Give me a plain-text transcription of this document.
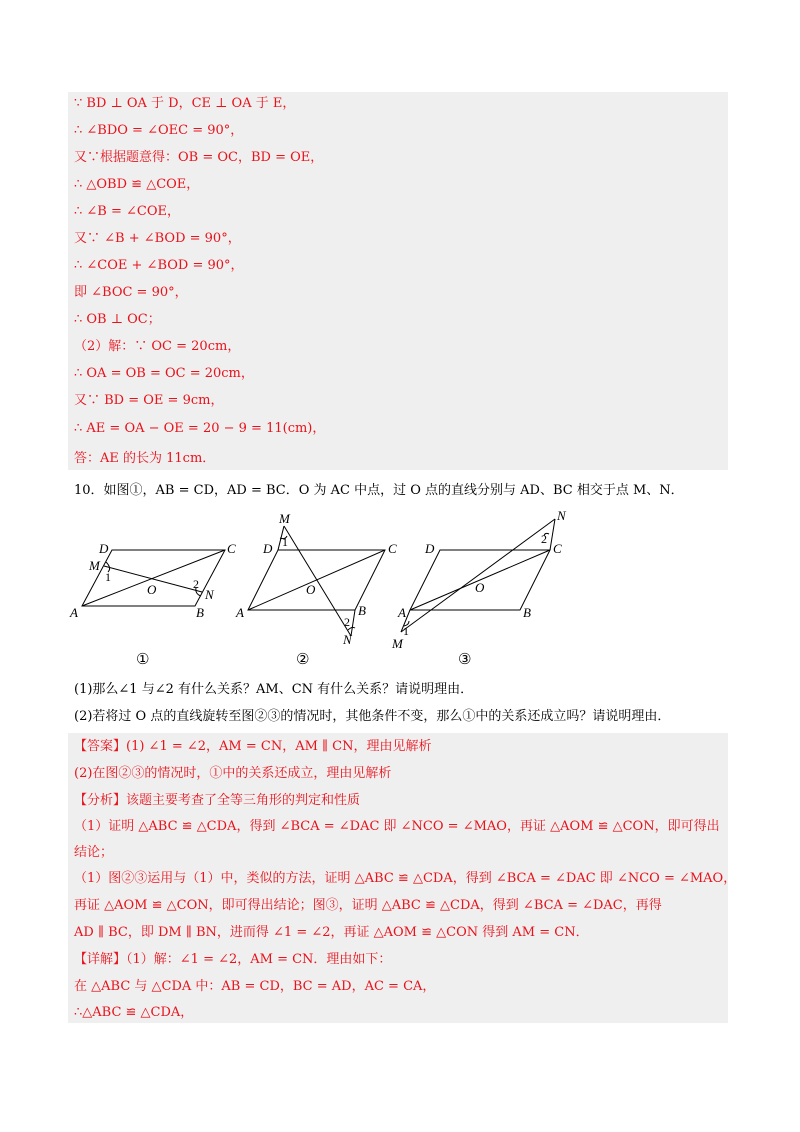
∵ BD ⊥ OA 于 D，CE ⊥ OA 于 E，
∴ ∠BDO = ∠OEC = 90°，
又∵根据题意得：OB = OC，BD = OE，
∴ △OBD ≌ △COE，
∴ ∠B = ∠COE，
又∵ ∠B + ∠BOD = 90°，
∴ ∠COE + ∠BOD = 90°，
即 ∠BOC = 90°，
∴ OB ⊥ OC；
（2）解：∵ OC = 20cm，
∴ OA = OB = OC = 20cm，
又∵ BD = OE = 9cm，
∴ AE = OA − OE = 20 − 9 = 11(cm)，
答：AE 的长为 11cm．
10．如图①，AB = CD，AD = BC．O 为 AC 中点，过 O 点的直线分别与 AD、BC 相交于点 M、N．
A	B
C
D
M
N
O
1	2
A	B
C
D
M
N
O
1
2
A	B
C
D
M
N
O
1
2
①	②	③
(1)那么∠1 与∠2 有什么关系？AM、CN 有什么关系？请说明理由．
(2)若将过 O 点的直线旋转至图②③的情况时，其他条件不变，那么①中的关系还成立吗？请说明理由．
【答案】(1) ∠1 = ∠2，AM = CN，AM ∥ CN，理由见解析
(2)在图②③的情况时，①中的关系还成立，理由见解析
【分析】该题主要考查了全等三角形的判定和性质
（1）证明 △ABC ≌ △CDA，得到 ∠BCA = ∠DAC 即 ∠NCO = ∠MAO，再证 △AOM ≌ △CON，即可得出
结论；
（1）图②③运用与（1）中，类似的方法，证明 △ABC ≌ △CDA，得到 ∠BCA = ∠DAC 即 ∠NCO = ∠MAO，
再证 △AOM ≌ △CON，即可得出结论；图③，证明 △ABC ≌ △CDA，得到 ∠BCA = ∠DAC，再得
AD ∥ BC，即 DM ∥ BN，进而得 ∠1 = ∠2，再证 △AOM ≌ △CON 得到 AM = CN．
【详解】（1）解：∠1 = ∠2，AM = CN．理由如下：
在 △ABC 与 △CDA 中：AB = CD，BC = AD，AC = CA，
∴△ABC ≌ △CDA，
